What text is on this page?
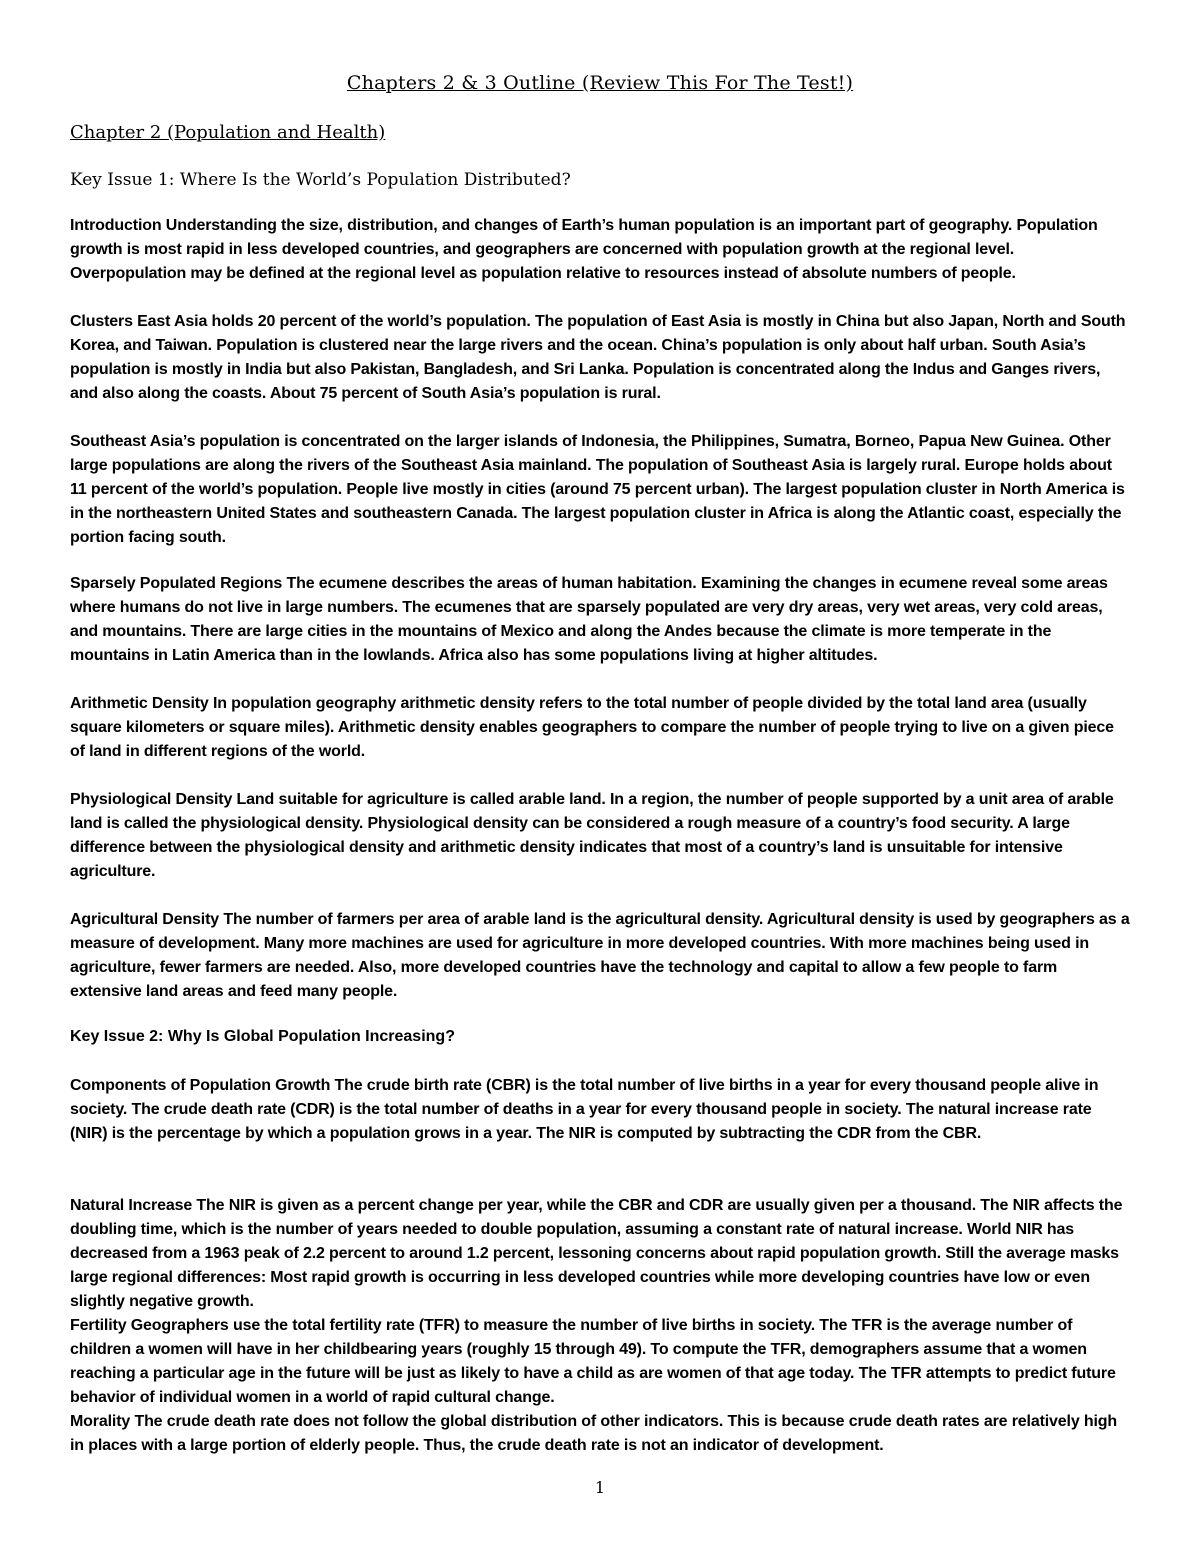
Chapters 2 & 3 Outline (Review This For The Test!)
Chapter 2 (Population and Health)
Key Issue 1: Where Is the World’s Population Distributed?
Introduction Understanding the size, distribution, and changes of Earth’s human population is an important part of geography. Population growth is most rapid in less developed countries, and geographers are concerned with population growth at the regional level. Overpopulation may be defined at the regional level as population relative to resources instead of absolute numbers of people.
Clusters East Asia holds 20 percent of the world’s population. The population of East Asia is mostly in China but also Japan, North and South Korea, and Taiwan. Population is clustered near the large rivers and the ocean. China’s population is only about half urban. South Asia’s population is mostly in India but also Pakistan, Bangladesh, and Sri Lanka. Population is concentrated along the Indus and Ganges rivers, and also along the coasts. About 75 percent of South Asia’s population is rural.
Southeast Asia’s population is concentrated on the larger islands of Indonesia, the Philippines, Sumatra, Borneo, Papua New Guinea. Other large populations are along the rivers of the Southeast Asia mainland. The population of Southeast Asia is largely rural. Europe holds about 11 percent of the world’s population. People live mostly in cities (around 75 percent urban). The largest population cluster in North America is in the northeastern United States and southeastern Canada. The largest population cluster in Africa is along the Atlantic coast, especially the portion facing south.
Sparsely Populated Regions The ecumene describes the areas of human habitation. Examining the changes in ecumene reveal some areas where humans do not live in large numbers. The ecumenes that are sparsely populated are very dry areas, very wet areas, very cold areas, and mountains. There are large cities in the mountains of Mexico and along the Andes because the climate is more temperate in the mountains in Latin America than in the lowlands. Africa also has some populations living at higher altitudes.
Arithmetic Density In population geography arithmetic density refers to the total number of people divided by the total land area (usually square kilometers or square miles). Arithmetic density enables geographers to compare the number of people trying to live on a given piece of land in different regions of the world.
Physiological Density Land suitable for agriculture is called arable land. In a region, the number of people supported by a unit area of arable land is called the physiological density. Physiological density can be considered a rough measure of a country’s food security. A large difference between the physiological density and arithmetic density indicates that most of a country’s land is unsuitable for intensive agriculture.
Agricultural Density The number of farmers per area of arable land is the agricultural density. Agricultural density is used by geographers as a measure of development. Many more machines are used for agriculture in more developed countries. With more machines being used in agriculture, fewer farmers are needed. Also, more developed countries have the technology and capital to allow a few people to farm extensive land areas and feed many people.
Key Issue 2: Why Is Global Population Increasing?
Components of Population Growth The crude birth rate (CBR) is the total number of live births in a year for every thousand people alive in society. The crude death rate (CDR) is the total number of deaths in a year for every thousand people in society. The natural increase rate (NIR) is the percentage by which a population grows in a year. The NIR is computed by subtracting the CDR from the CBR.
Natural Increase The NIR is given as a percent change per year, while the CBR and CDR are usually given per a thousand. The NIR affects the doubling time, which is the number of years needed to double population, assuming a constant rate of natural increase. World NIR has decreased from a 1963 peak of 2.2 percent to around 1.2 percent, lessoning concerns about rapid population growth. Still the average masks large regional differences: Most rapid growth is occurring in less developed countries while more developing countries have low or even slightly negative growth.
Fertility Geographers use the total fertility rate (TFR) to measure the number of live births in society. The TFR is the average number of children a women will have in her childbearing years (roughly 15 through 49). To compute the TFR, demographers assume that a women reaching a particular age in the future will be just as likely to have a child as are women of that age today. The TFR attempts to predict future behavior of individual women in a world of rapid cultural change.
Morality The crude death rate does not follow the global distribution of other indicators. This is because crude death rates are relatively high in places with a large portion of elderly people. Thus, the crude death rate is not an indicator of development.
1
